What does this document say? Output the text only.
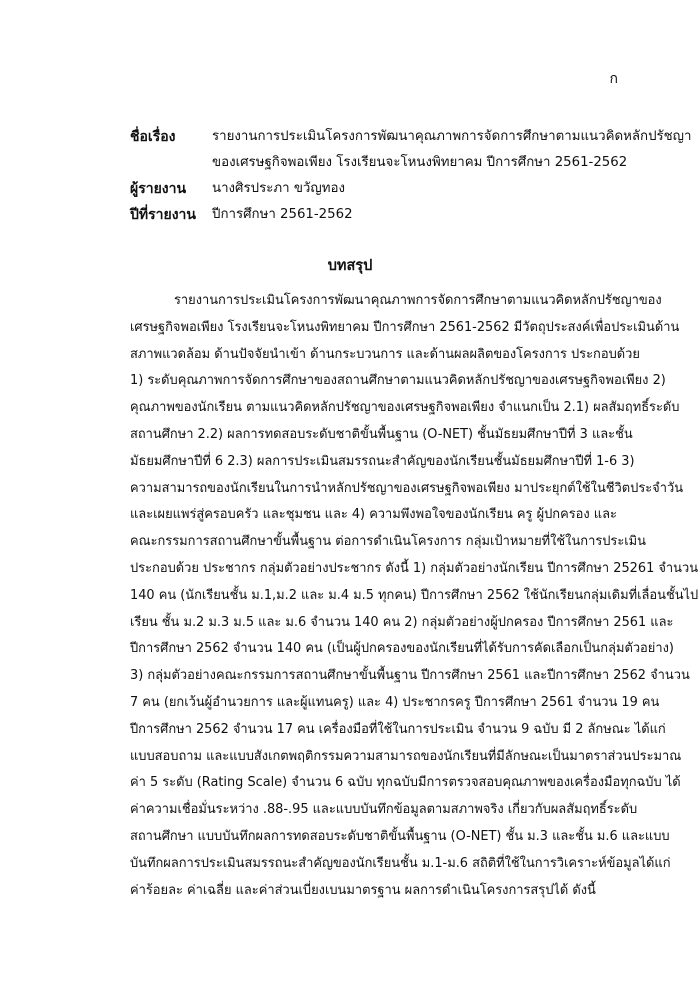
ก
ชื่อเรื่อง	รายงานการประเมินโครงการพัฒนาคุณภาพการจัดการศึกษาตามแนวคิดหลักปรัชญา
ของเศรษฐกิจพอเพียง โรงเรียนจะโหนงพิทยาคม ปีการศึกษา 2561-2562
ผู้รายงาน	นางศิรประภา ขวัญทอง
ปีที่รายงาน	ปีการศึกษา 2561-2562
บทสรุป
รายงานการประเมินโครงการพัฒนาคุณภาพการจัดการศึกษาตามแนวคิดหลักปรัชญาของ
เศรษฐกิจพอเพียง โรงเรียนจะโหนงพิทยาคม ปีการศึกษา 2561-2562 มีวัตถุประสงค์เพื่อประเมินด้าน
สภาพแวดล้อม ด้านปัจจัยนำเข้า ด้านกระบวนการ และด้านผลผลิตของโครงการ ประกอบด้วย
1) ระดับคุณภาพการจัดการศึกษาของสถานศึกษาตามแนวคิดหลักปรัชญาของเศรษฐกิจพอเพียง 2)
คุณภาพของนักเรียน ตามแนวคิดหลักปรัชญาของเศรษฐกิจพอเพียง จำแนกเป็น 2.1) ผลสัมฤทธิ์ระดับ
สถานศึกษา 2.2) ผลการทดสอบระดับชาติขั้นพื้นฐาน (O-NET) ชั้นมัธยมศึกษาปีที่ 3 และชั้น
มัธยมศึกษาปีที่ 6 2.3) ผลการประเมินสมรรถนะสำคัญของนักเรียนชั้นมัธยมศึกษาปีที่ 1-6 3)
ความสามารถของนักเรียนในการนำหลักปรัชญาของเศรษฐกิจพอเพียง มาประยุกต์ใช้ในชีวิตประจำวัน
และเผยแพร่สู่ครอบครัว และชุมชน และ 4) ความพึงพอใจของนักเรียน ครู ผู้ปกครอง และ
คณะกรรมการสถานศึกษาขั้นพื้นฐาน ต่อการดำเนินโครงการ กลุ่มเป้าหมายที่ใช้ในการประเมิน
ประกอบด้วย ประชากร กลุ่มตัวอย่างประชากร ดังนี้ 1) กลุ่มตัวอย่างนักเรียน ปีการศึกษา 25261 จำนวน
140 คน (นักเรียนชั้น ม.1,ม.2 และ ม.4 ม.5 ทุกคน) ปีการศึกษา 2562 ใช้นักเรียนกลุ่มเดิมที่เลื่อนชั้นไป
เรียน ชั้น ม.2 ม.3 ม.5 และ ม.6 จำนวน 140 คน 2) กลุ่มตัวอย่างผู้ปกครอง ปีการศึกษา 2561 และ
ปีการศึกษา 2562 จำนวน 140 คน (เป็นผู้ปกครองของนักเรียนที่ได้รับการคัดเลือกเป็นกลุ่มตัวอย่าง)
3) กลุ่มตัวอย่างคณะกรรมการสถานศึกษาขั้นพื้นฐาน ปีการศึกษา 2561 และปีการศึกษา 2562 จำนวน
7 คน (ยกเว้นผู้อำนวยการ และผู้แทนครู) และ 4) ประชากรครู ปีการศึกษา 2561 จำนวน 19 คน
ปีการศึกษา 2562 จำนวน 17 คน เครื่องมือที่ใช้ในการประเมิน จำนวน 9 ฉบับ มี 2 ลักษณะ ได้แก่
แบบสอบถาม และแบบสังเกตพฤติกรรมความสามารถของนักเรียนที่มีลักษณะเป็นมาตราส่วนประมาณ
ค่า 5 ระดับ (Rating Scale) จำนวน 6 ฉบับ ทุกฉบับมีการตรวจสอบคุณภาพของเครื่องมือทุกฉบับ ได้
ค่าความเชื่อมั่นระหว่าง .88-.95 และแบบบันทึกข้อมูลตามสภาพจริง เกี่ยวกับผลสัมฤทธิ์ระดับ
สถานศึกษา แบบบันทึกผลการทดสอบระดับชาติขั้นพื้นฐาน (O-NET) ชั้น ม.3 และชั้น ม.6 และแบบ
บันทึกผลการประเมินสมรรถนะสำคัญของนักเรียนชั้น ม.1-ม.6 สถิติที่ใช้ในการวิเคราะห์ข้อมูลได้แก่
ค่าร้อยละ ค่าเฉลี่ย และค่าส่วนเบี่ยงเบนมาตรฐาน ผลการดำเนินโครงการสรุปได้ ดังนี้
